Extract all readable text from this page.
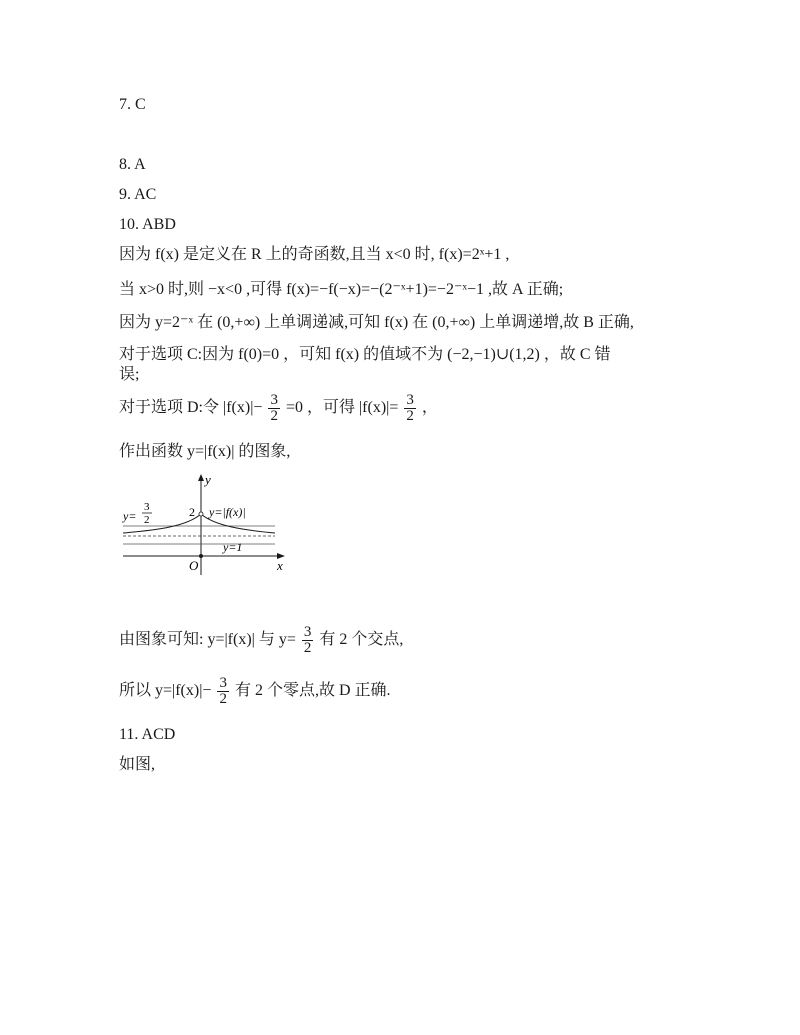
7. C
8. A
9. AC
10. ABD
因为 f(x) 是定义在 R 上的奇函数,且当 x<0 时, f(x)=2ˣ+1 ,
当 x>0 时,则 −x<0 ,可得 f(x)=−f(−x)=−(2⁻ˣ+1)=−2⁻ˣ−1 ,故 A 正确;
因为 y=2⁻ˣ 在 (0,+∞) 上单调递减,可知 f(x) 在 (0,+∞) 上单调递增,故 B 正确,
对于选项 C:因为 f(0)=0 ，可知 f(x) 的值域不为 (−2,−1)∪(1,2) ，故 C 错
误;
对于选项 D:令 $|f(x)|- \frac{3}{2} =0$ ，可得 $|f(x)|= \frac{3}{2}$ ，
作出函数 y=|f(x)| 的图象,
y
x
O
2 y=|f(x)|
y=1
y=
3
2
由图象可知: y=|f(x)| 与 $y= \frac{3}{2}$ 有 2 个交点,
所以 $y=|f(x)|- \frac{3}{2}$ 有 2 个零点,故 D 正确.
11. ACD
如图,
